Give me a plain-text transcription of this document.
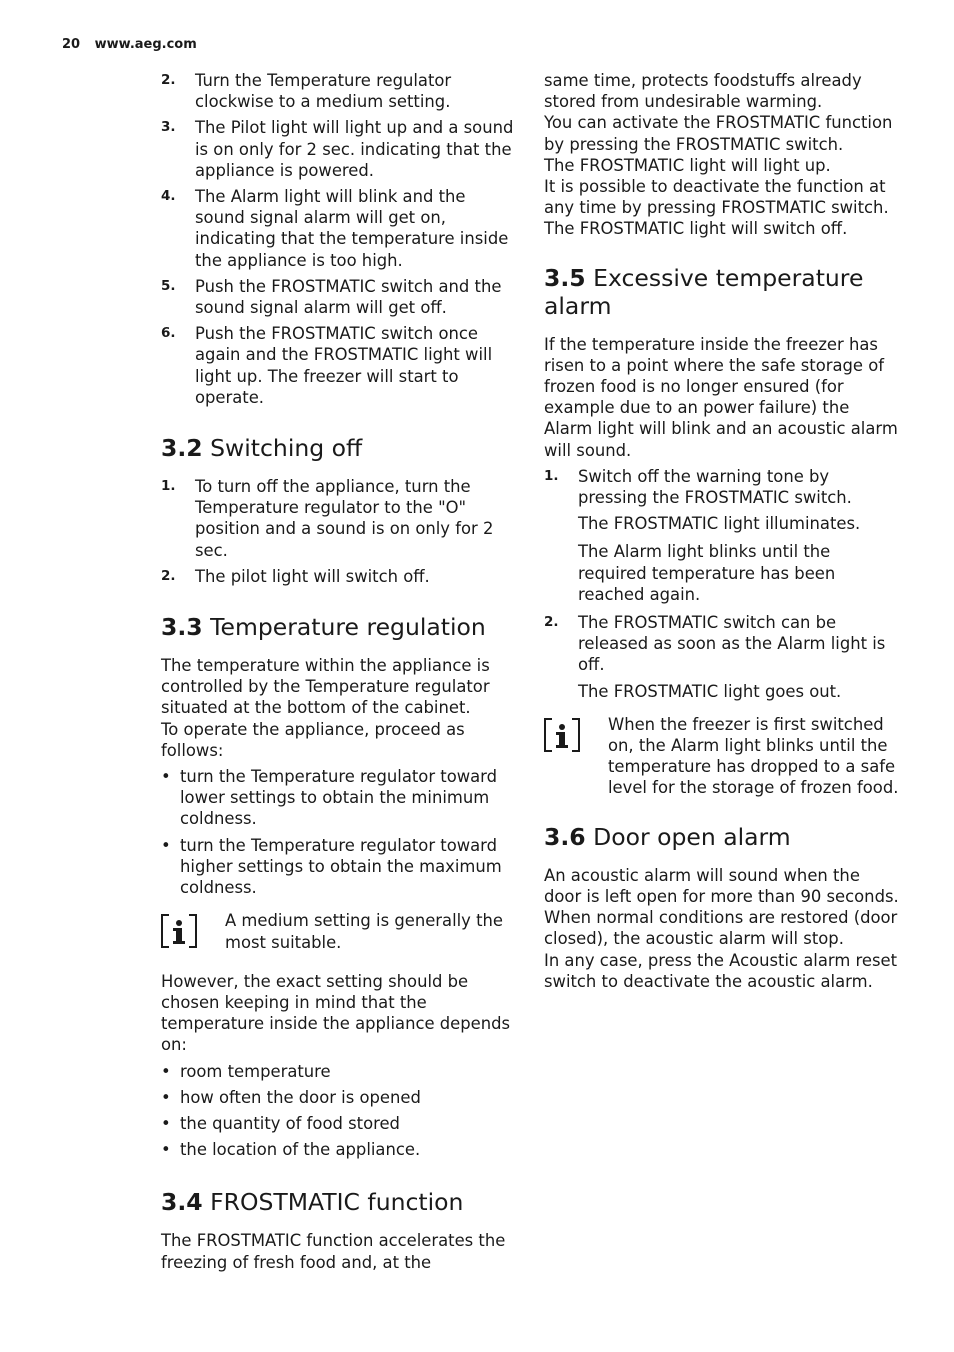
20 www.aeg.com
2. Turn the Temperature regulator clockwise to a medium setting.
3. The Pilot light will light up and a sound is on only for 2 sec. indicating that the appliance is powered.
4. The Alarm light will blink and the sound signal alarm will get on, indicating that the temperature inside the appliance is too high.
5. Push the FROSTMATIC switch and the sound signal alarm will get off.
6. Push the FROSTMATIC switch once again and the FROSTMATIC light will light up. The freezer will start to operate.
3.2 Switching off
1. To turn off the appliance, turn the Temperature regulator to the "O" position and a sound is on only for 2 sec.
2. The pilot light will switch off.
3.3 Temperature regulation

The temperature within the appliance is controlled by the Temperature regulator situated at the bottom of the cabinet.

To operate the appliance, proceed as follows:

• turn the Temperature regulator toward lower settings to obtain the minimum coldness.
• turn the Temperature regulator toward higher settings to obtain the maximum coldness.
A medium setting is generally the most suitable.

However, the exact setting should be chosen keeping in mind that the temperature inside the appliance depends on:

• room temperature
• how often the door is opened
• the quantity of food stored
• the location of the appliance.
3.4 FROSTMATIC function

The FROSTMATIC function accelerates the freezing of fresh food and, at the

same time, protects foodstuffs already stored from undesirable warming.

You can activate the FROSTMATIC function by pressing the FROSTMATIC switch.

The FROSTMATIC light will light up.

It is possible to deactivate the function at any time by pressing FROSTMATIC switch.

The FROSTMATIC light will switch off.

3.5 Excessive temperature alarm

If the temperature inside the freezer has risen to a point where the safe storage of frozen food is no longer ensured (for example due to an power failure) the Alarm light will blink and an acoustic alarm will sound.

1. Switch off the warning tone by pressing the FROSTMATIC switch.
The FROSTMATIC light illuminates.
The Alarm light blinks until the required temperature has been reached again.
2. The FROSTMATIC switch can be released as soon as the Alarm light is off.
The FROSTMATIC light goes out.
When the freezer is first switched on, the Alarm light blinks until the temperature has dropped to a safe level for the storage of frozen food.
3.6 Door open alarm

An acoustic alarm will sound when the door is left open for more than 90 seconds.

When normal conditions are restored (door closed), the acoustic alarm will stop.

In any case, press the Acoustic alarm reset switch to deactivate the acoustic alarm.
